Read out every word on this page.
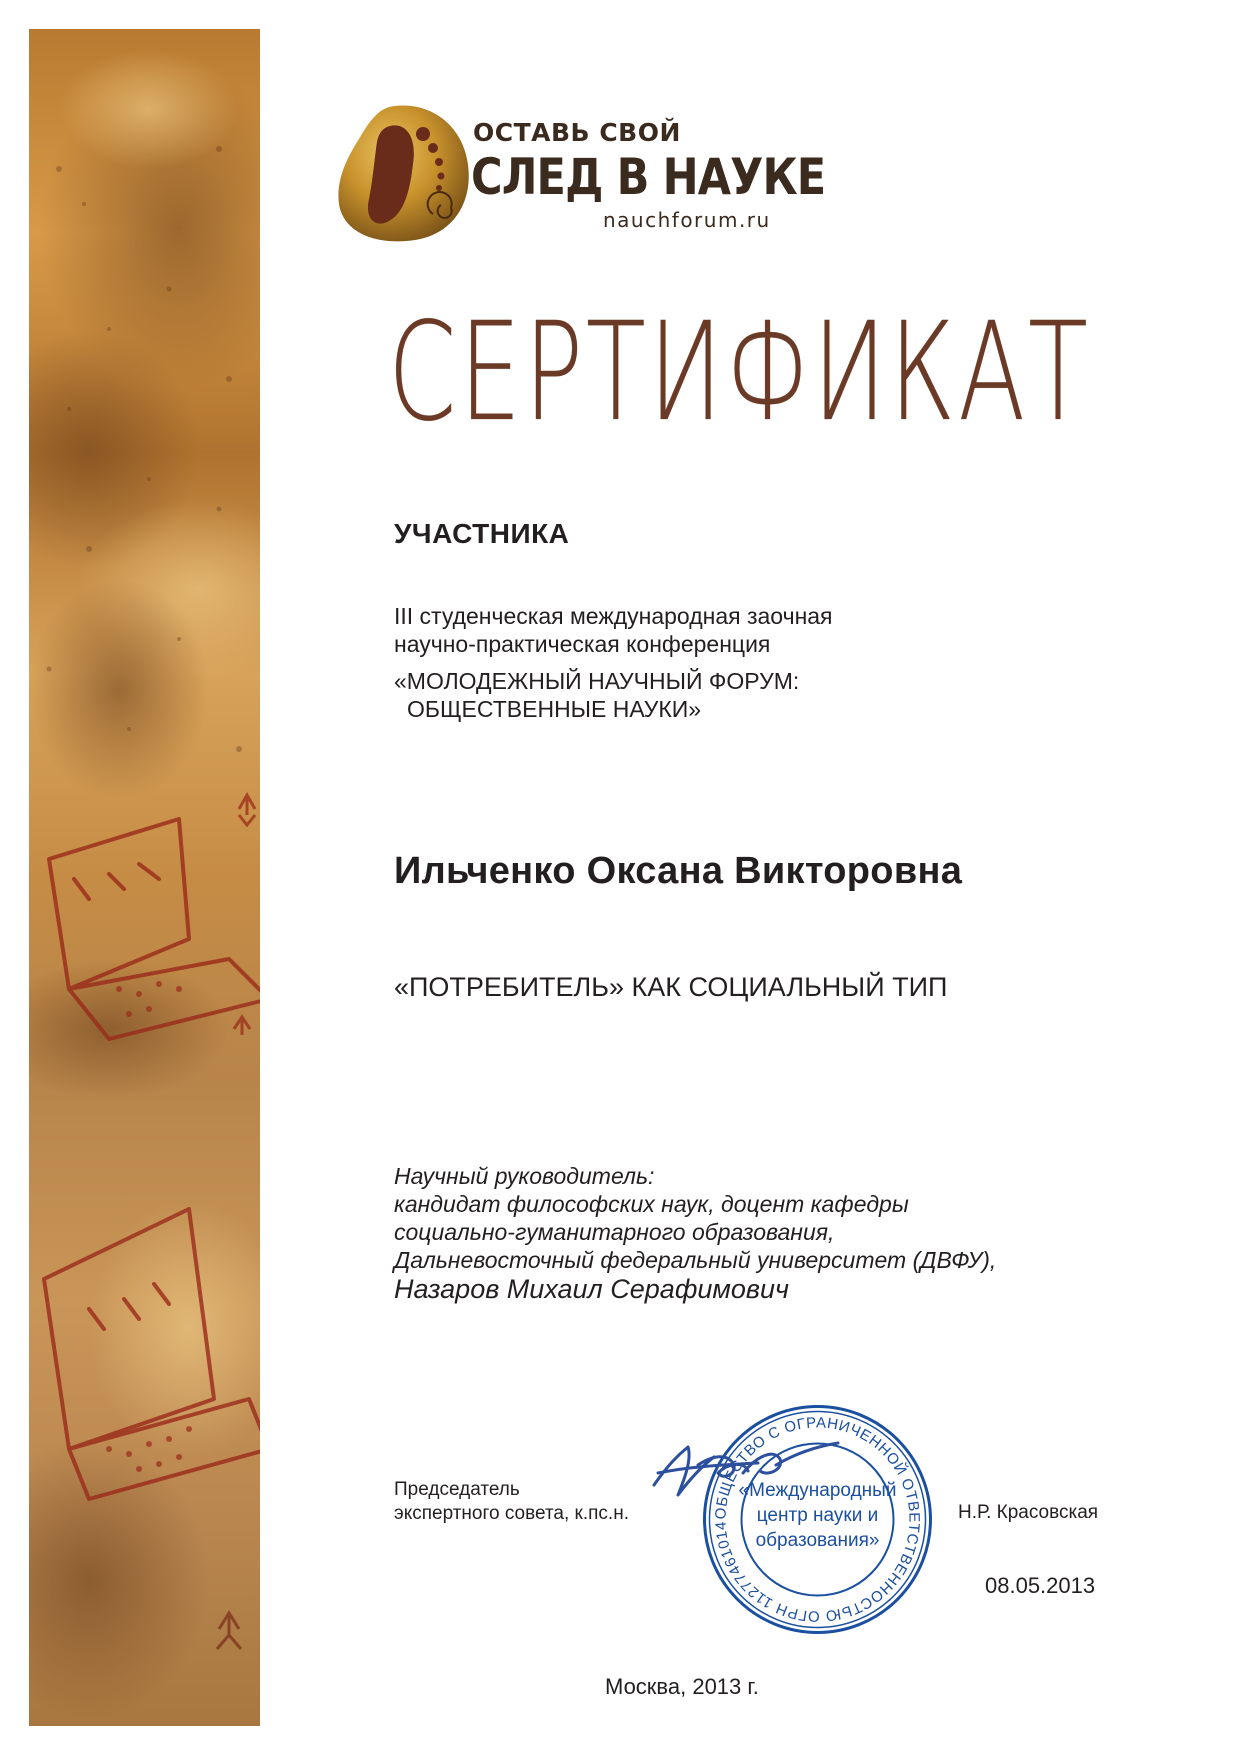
ОСТАВЬ СВОЙ
СЛЕД В НАУКЕ
nauchforum.ru
СЕРТИФИКАТ
УЧАСТНИКА
III студенческая международная заочная
научно-практическая конференция
«МОЛОДЕЖНЫЙ НАУЧНЫЙ ФОРУМ:
ОБЩЕСТВЕННЫЕ НАУКИ»
Ильченко Оксана Викторовна
«ПОТРЕБИТЕЛЬ» КАК СОЦИАЛЬНЫЙ ТИП
Научный руководитель:
кандидат философских наук, доцент кафедры
социально-гуманитарного образования,
Дальневосточный федеральный университет (ДВФУ),
Назаров Михаил Серафимович
Председатель
экспертного совета, к.пс.н.	ОБЩЕСТВО С ОГРАНИЧЕННОЙ ОТВЕТСТВЕННОСТЬЮ ОГРН 11277461014
«Международный
центр науки и
образования»
Н.Р. Красовская
08.05.2013
Москва, 2013 г.
